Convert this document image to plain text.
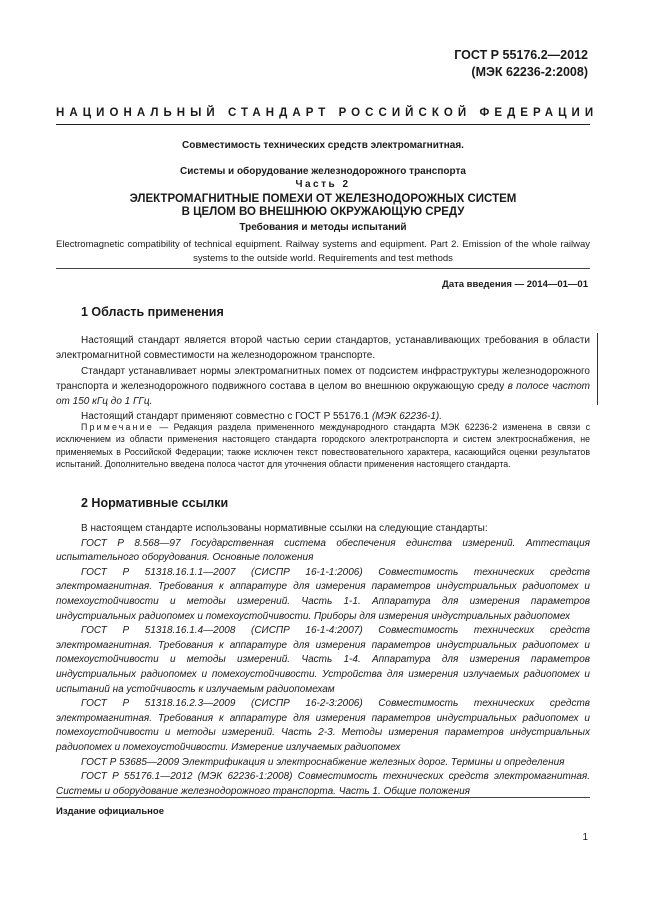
ГОСТ Р 55176.2—2012
(МЭК 62236-2:2008)
НАЦИОНАЛЬНЫЙ СТАНДАРТ РОССИЙСКОЙ ФЕДЕРАЦИИ
Совместимость технических средств электромагнитная.
Системы и оборудование железнодорожного транспорта
Часть 2
ЭЛЕКТРОМАГНИТНЫЕ ПОМЕХИ ОТ ЖЕЛЕЗНОДОРОЖНЫХ СИСТЕМ
В ЦЕЛОМ ВО ВНЕШНЮЮ ОКРУЖАЮЩУЮ СРЕДУ
Требования и методы испытаний
Electromagnetic compatibility of technical equipment. Railway systems and equipment. Part 2. Emission of the whole railway systems to the outside world. Requirements and test methods
Дата введения — 2014—01—01
1 Область применения

Настоящий стандарт является второй частью серии стандартов, устанавливающих требования в области электромагнитной совместимости на железнодорожном транспорте.

Стандарт устанавливает нормы электромагнитных помех от подсистем инфраструктуры железнодорожного транспорта и железнодорожного подвижного состава в целом во внешнюю окружающую среду в полосе частот от 150 кГц до 1 ГГц.

Настоящий стандарт применяют совместно с ГОСТ Р 55176.1 (МЭК 62236-1).

Примечание — Редакция раздела примененного международного стандарта МЭК 62236-2 изменена в связи с исключением из области применения настоящего стандарта городского электротранспорта и систем электроснабжения, не применяемых в Российской Федерации; также исключен текст повествовательного характера, касающийся оценки результатов испытаний. Дополнительно введена полоса частот для уточнения области применения настоящего стандарта.
2 Нормативные ссылки

В настоящем стандарте использованы нормативные ссылки на следующие стандарты:

ГОСТ Р 8.568—97 Государственная система обеспечения единства измерений. Аттестация испытательного оборудования. Основные положения

ГОСТ Р 51318.16.1.1—2007 (СИСПР 16-1-1:2006) Совместимость технических средств электромагнитная. Требования к аппаратуре для измерения параметров индустриальных радиопомех и помехоустойчивости и методы измерений. Часть 1-1. Аппаратура для измерения параметров индустриальных радиопомех и помехоустойчивости. Приборы для измерения индустриальных радиопомех

ГОСТ Р 51318.16.1.4—2008 (СИСПР 16-1-4:2007) Совместимость технических средств электромагнитная. Требования к аппаратуре для измерения параметров индустриальных радиопомех и помехоустойчивости и методы измерений. Часть 1-4. Аппаратура для измерения параметров индустриальных радиопомех и помехоустойчивости. Устройства для измерения излучаемых радиопомех и испытаний на устойчивость к излучаемым радиопомехам

ГОСТ Р 51318.16.2.3—2009 (СИСПР 16-2-3:2006) Совместимость технических средств электромагнитная. Требования к аппаратуре для измерения параметров индустриальных радиопомех и помехоустойчивости и методы измерений. Часть 2-3. Методы измерения параметров индустриальных радиопомех и помехоустойчивости. Измерение излучаемых радиопомех

ГОСТ Р 53685—2009 Электрификация и электроснабжение железных дорог. Термины и определения

ГОСТ Р 55176.1—2012 (МЭК 62236-1:2008) Совместимость технических средств электромагнитная. Системы и оборудование железнодорожного транспорта. Часть 1. Общие положения

Издание официальное
1
